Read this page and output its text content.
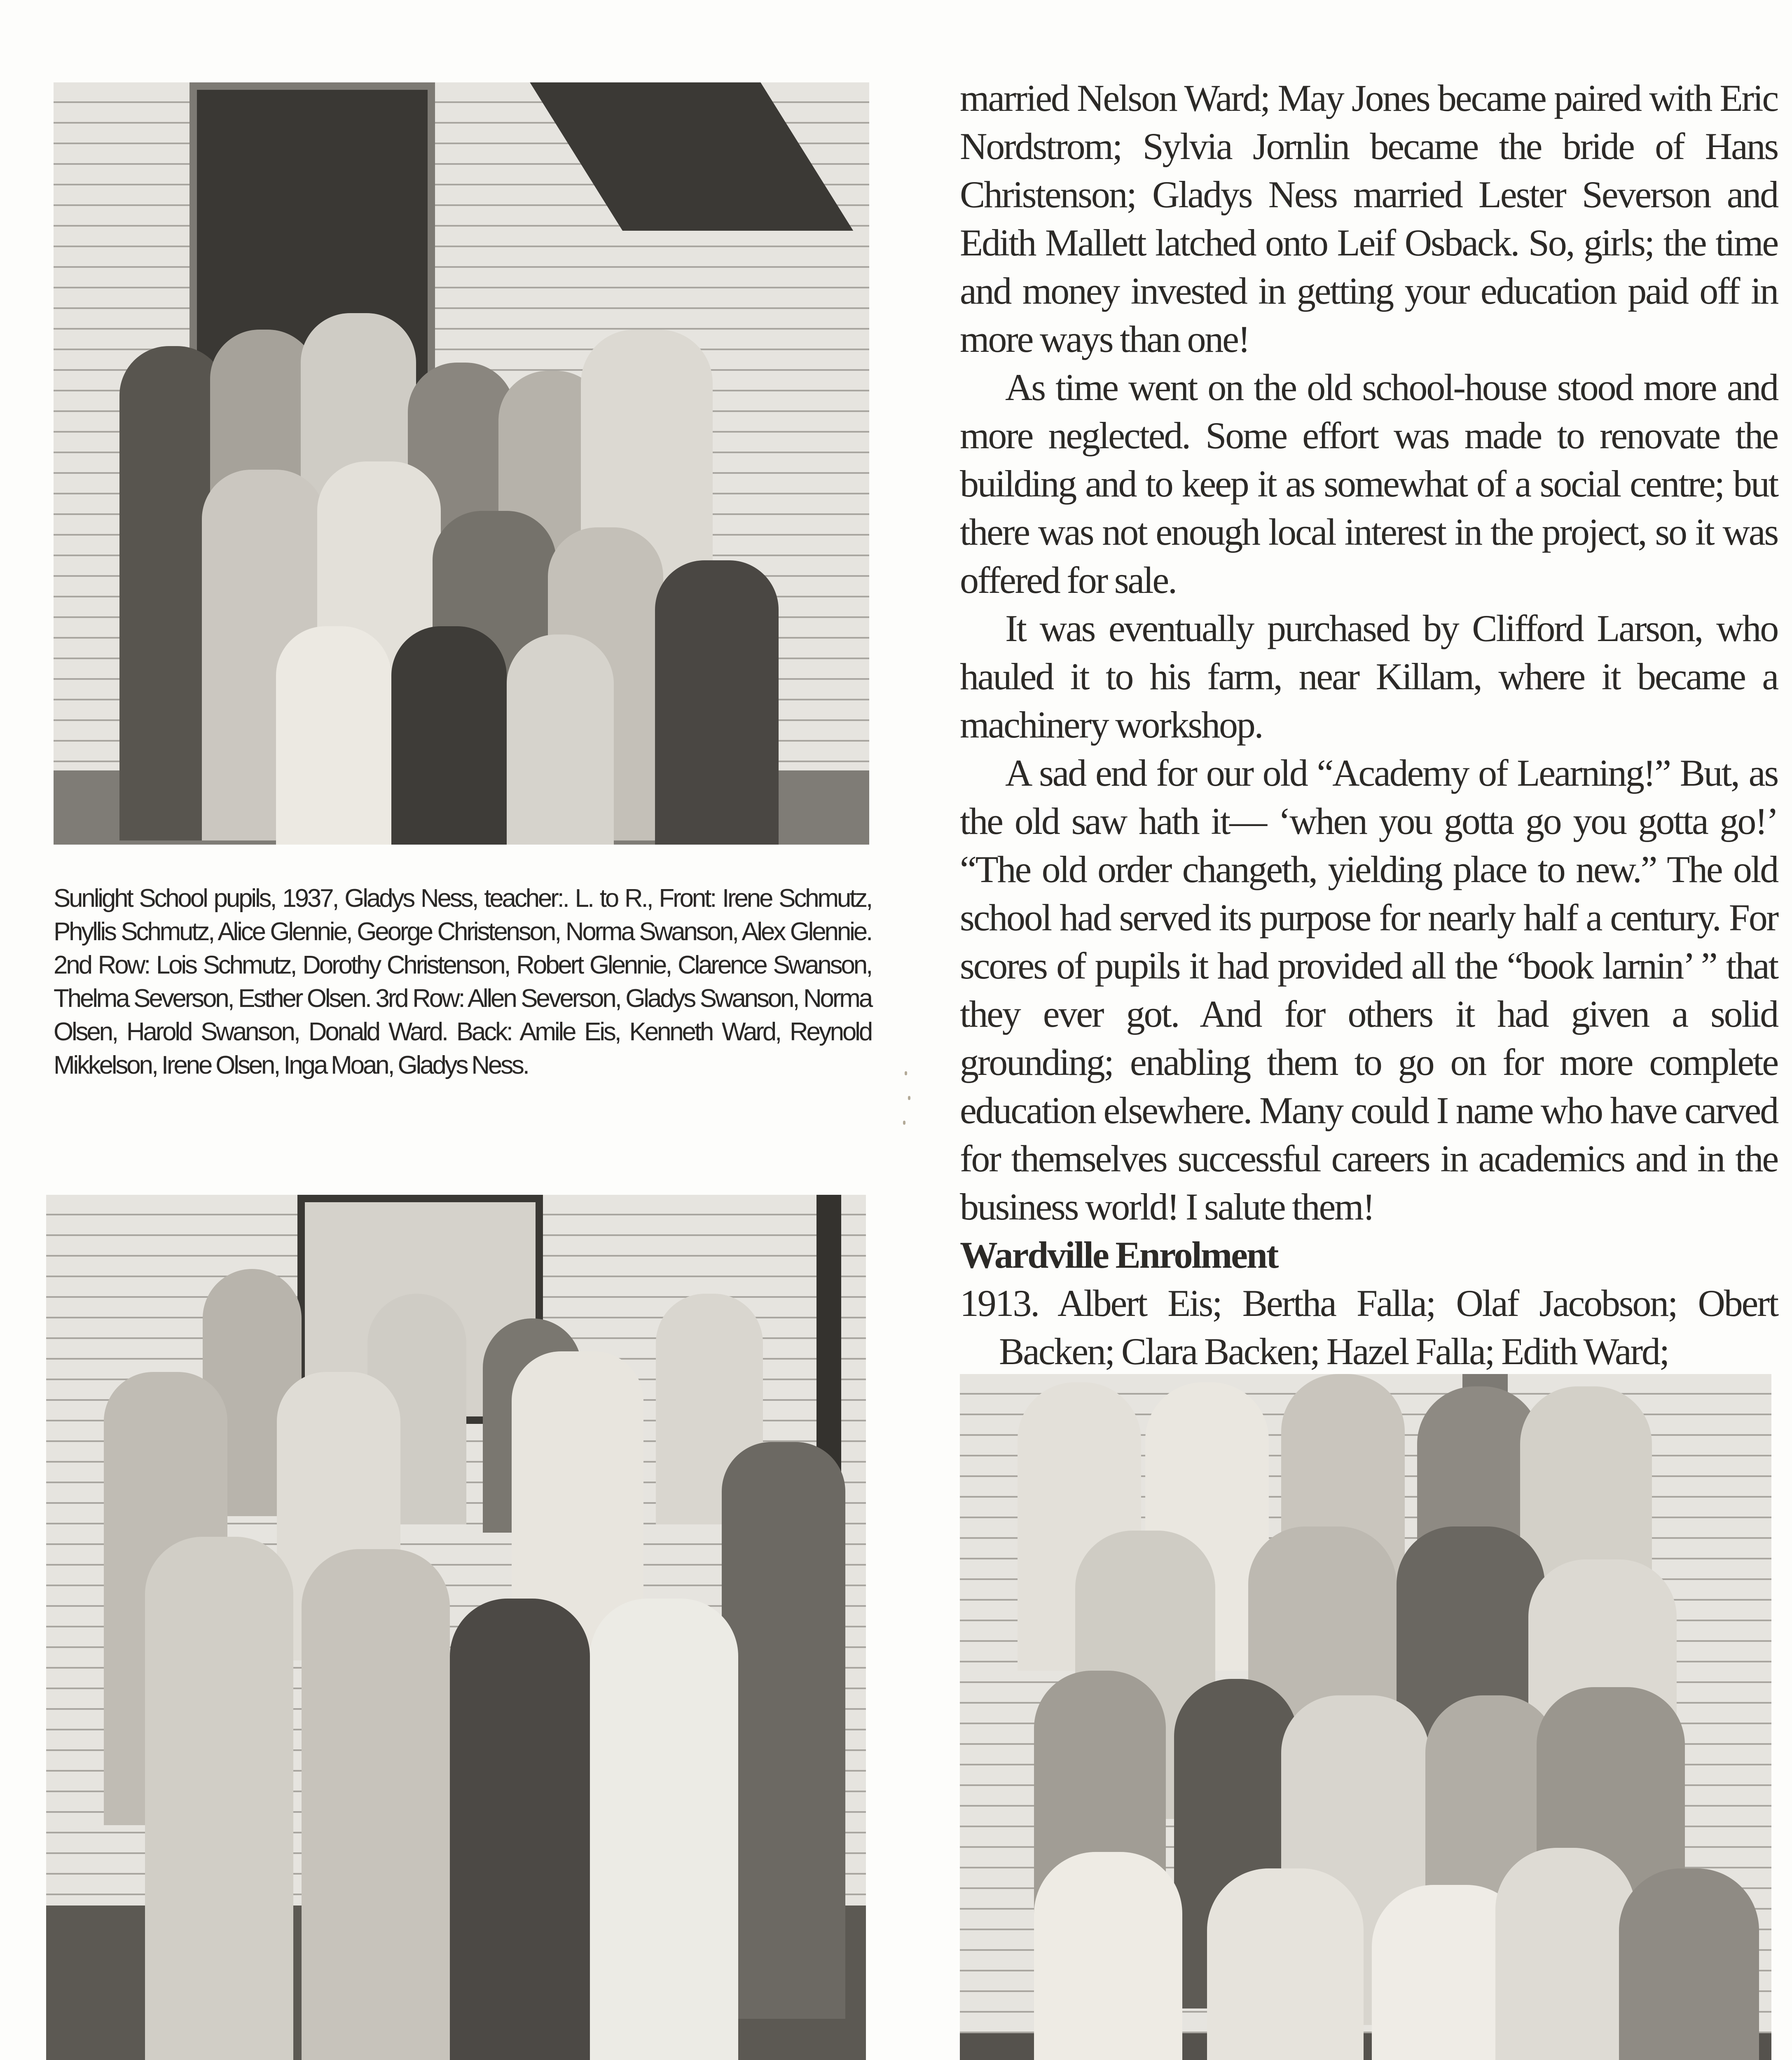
Sunlight School pupils, 1937, Gladys Ness, teacher:. L. to R., Front: Irene Schmutz, Phyllis Schmutz, Alice Glennie, George Christenson, Norma Swanson, Alex Glennie. 2nd Row: Lois Schmutz, Dorothy Christenson, Robert Glennie, Clarence Swanson, Thelma Severson, Esther Olsen. 3rd Row: Allen Severson, Gladys Swanson, Norma Olsen, Harold Swanson, Donald Ward. Back: Amile Eis, Kenneth Ward, Reynold Mikkelson, Irene Olsen, Inga Moan, Gladys Ness.

married Nelson Ward; May Jones became paired with Eric Nordstrom; Sylvia Jornlin became the bride of Hans Christenson; Gladys Ness married Lester Severson and Edith Mallett latched onto Leif Osback. So, girls; the time and money invested in getting your education paid off in more ways than one!

As time went on the old school-house stood more and more neglected. Some effort was made to renovate the building and to keep it as somewhat of a social centre; but there was not enough local interest in the project, so it was offered for sale.

It was eventually purchased by Clifford Larson, who hauled it to his farm, near Killam, where it became a machinery workshop.

A sad end for our old “Academy of Learning!” But, as the old saw hath it— ‘when you gotta go you gotta go!’ “The old order changeth, yielding place to new.” The old school had served its purpose for nearly half a century. For scores of pupils it had provided all the “book larnin’ ” that they ever got. And for others it had given a solid grounding; enabling them to go on for more complete education elsewhere. Many could I name who have carved for themselves successful careers in academics and in the business world! I salute them!

Wardville Enrolment

1913. Albert Eis; Bertha Falla; Olaf Jacobson; Obert Backen; Clara Backen; Hazel Falla; Edith Ward;
